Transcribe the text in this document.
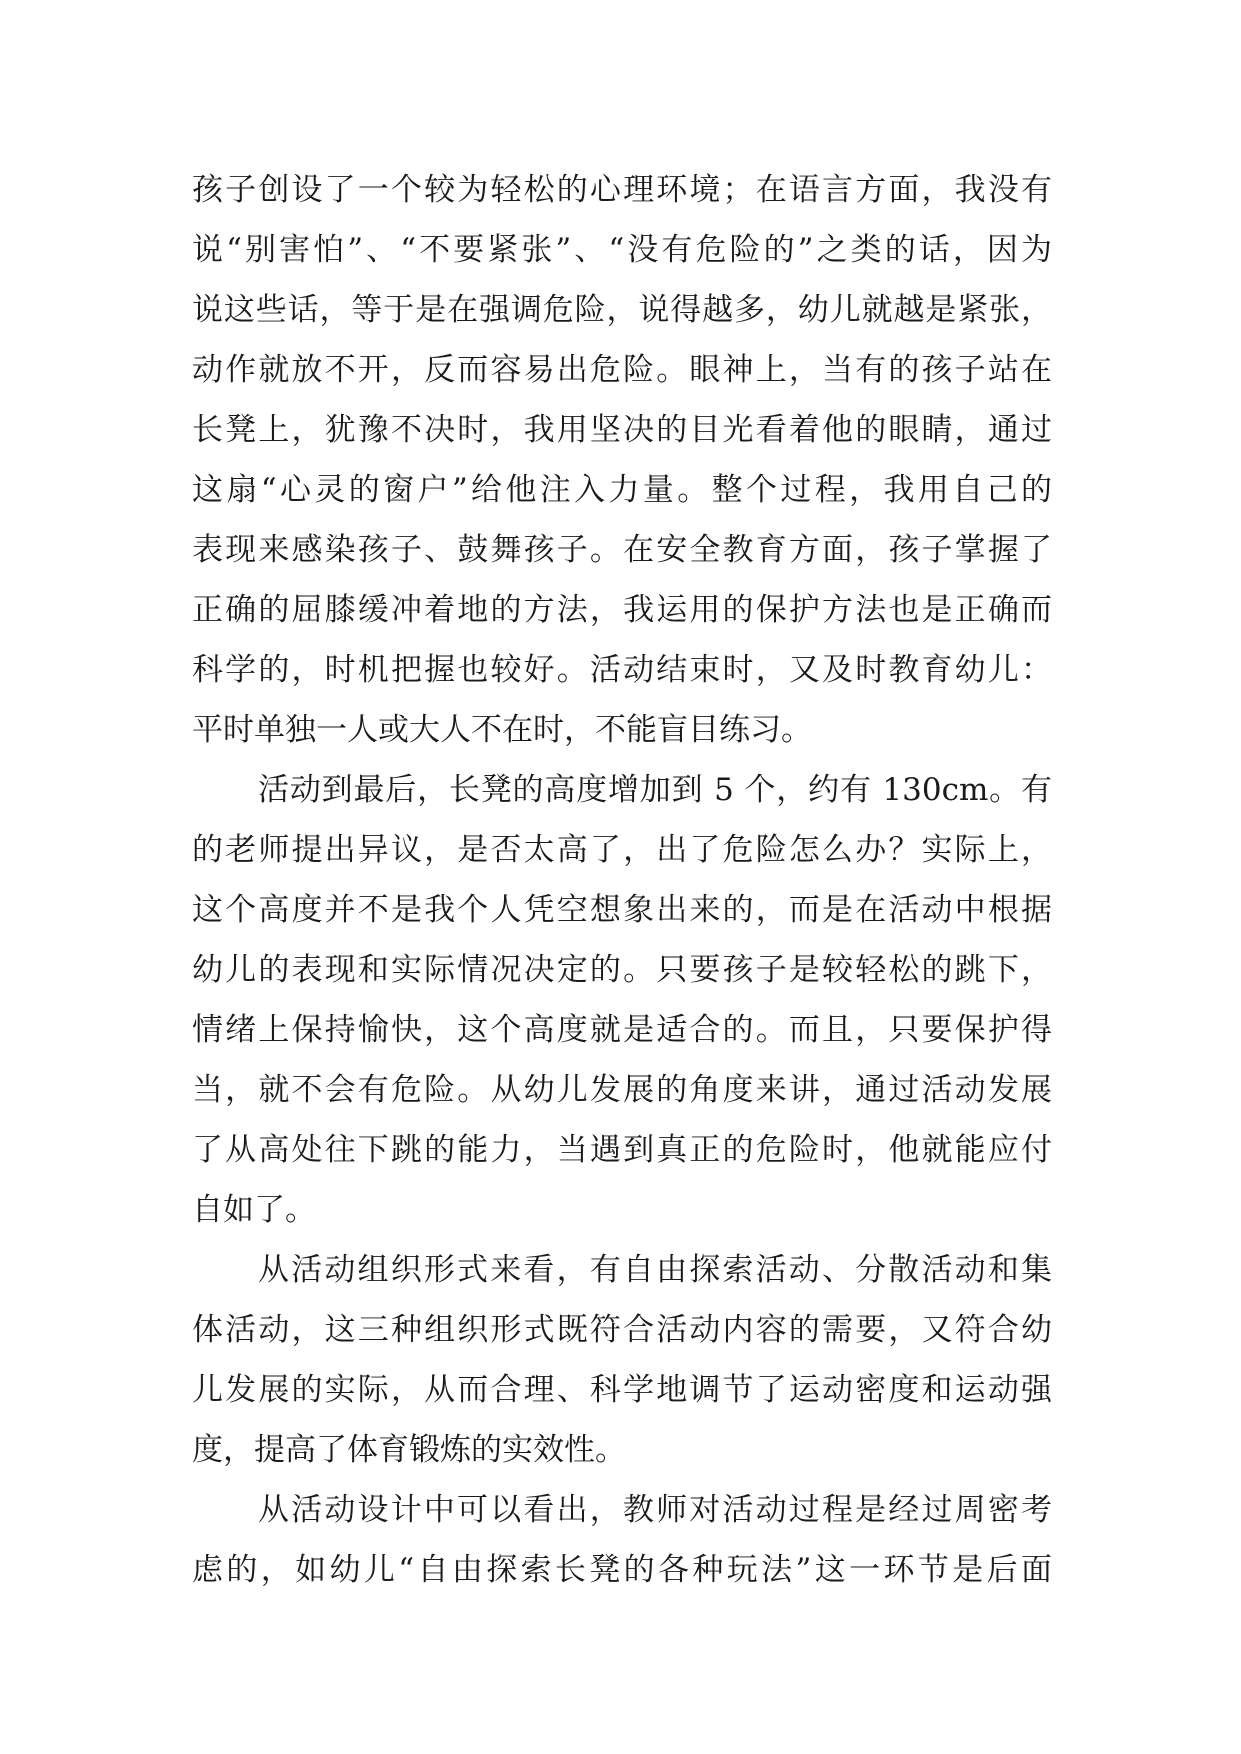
孩子创设了一个较为轻松的心理环境；在语言方面，我没有
说“别害怕”、“不要紧张”、“没有危险的”之类的话，因为
说这些话，等于是在强调危险，说得越多，幼儿就越是紧张，
动作就放不开，反而容易出危险。眼神上，当有的孩子站在
长凳上，犹豫不决时，我用坚决的目光看着他的眼睛，通过
这扇“心灵的窗户”给他注入力量。整个过程，我用自己的
表现来感染孩子、鼓舞孩子。在安全教育方面，孩子掌握了
正确的屈膝缓冲着地的方法，我运用的保护方法也是正确而
科学的，时机把握也较好。活动结束时，又及时教育幼儿：
平时单独一人或大人不在时，不能盲目练习。
活动到最后，长凳的高度增加到 5 个，约有 130cm。有
的老师提出异议，是否太高了，出了危险怎么办？实际上，
这个高度并不是我个人凭空想象出来的，而是在活动中根据
幼儿的表现和实际情况决定的。只要孩子是较轻松的跳下，
情绪上保持愉快，这个高度就是适合的。而且，只要保护得
当，就不会有危险。从幼儿发展的角度来讲，通过活动发展
了从高处往下跳的能力，当遇到真正的危险时，他就能应付
自如了。
从活动组织形式来看，有自由探索活动、分散活动和集
体活动，这三种组织形式既符合活动内容的需要，又符合幼
儿发展的实际，从而合理、科学地调节了运动密度和运动强
度，提高了体育锻炼的实效性。
从活动设计中可以看出，教师对活动过程是经过周密考
虑的，如幼儿“自由探索长凳的各种玩法”这一环节是后面
